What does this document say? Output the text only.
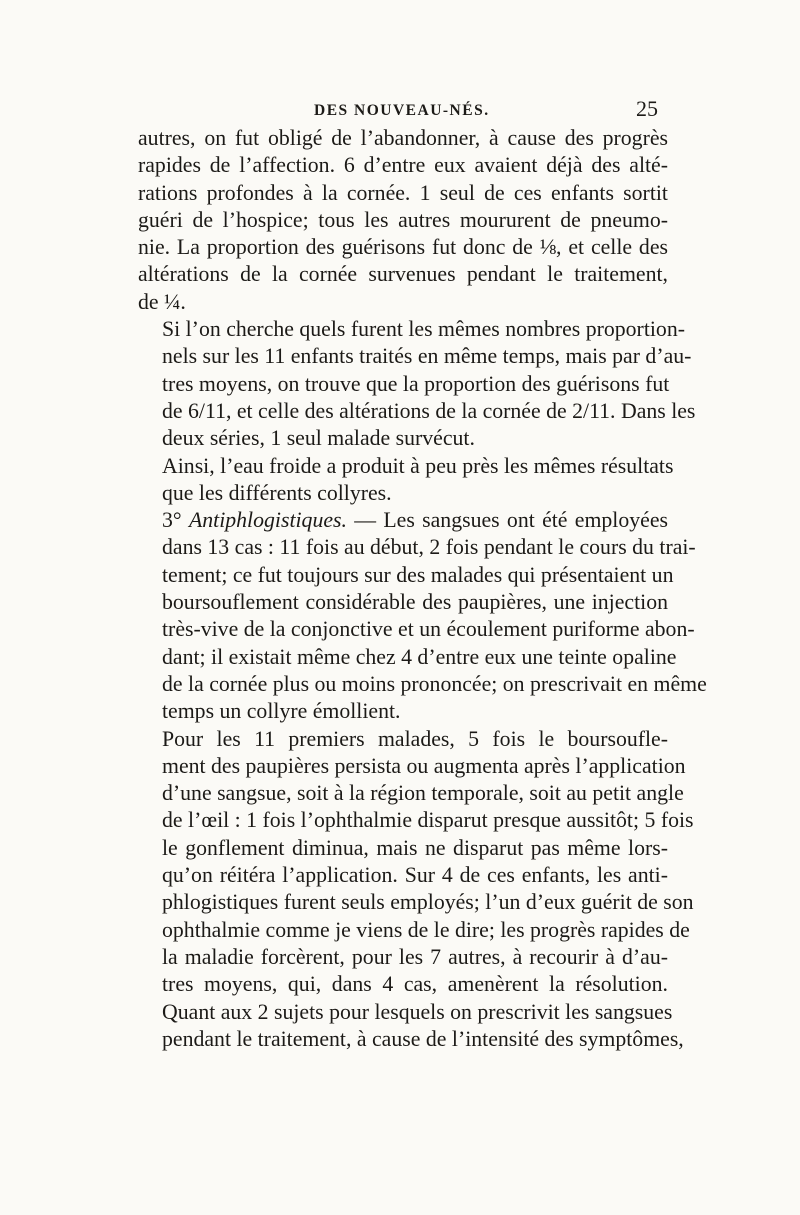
DES NOUVEAU-NÉS.	25

autres, on fut obligé de l’abandonner, à cause des progrès
rapides de l’affection. 6 d’entre eux avaient déjà des alté-
rations profondes à la cornée. 1 seul de ces enfants sortit
guéri de l’hospice; tous les autres moururent de pneumo-
nie. La proportion des guérisons fut donc de ⅛, et celle des
altérations de la cornée survenues pendant le traitement,
de ¼.

Si l’on cherche quels furent les mêmes nombres proportion-
nels sur les 11 enfants traités en même temps, mais par d’au-
tres moyens, on trouve que la proportion des guérisons fut
de 6/11, et celle des altérations de la cornée de 2/11. Dans les
deux séries, 1 seul malade survécut.

Ainsi, l’eau froide a produit à peu près les mêmes résultats
que les différents collyres.

3° Antiphlogistiques. — Les sangsues ont été employées
dans 13 cas : 11 fois au début, 2 fois pendant le cours du trai-
tement; ce fut toujours sur des malades qui présentaient un
boursouflement considérable des paupières, une injection
très-vive de la conjonctive et un écoulement puriforme abon-
dant; il existait même chez 4 d’entre eux une teinte opaline
de la cornée plus ou moins prononcée; on prescrivait en même
temps un collyre émollient.

Pour les 11 premiers malades, 5 fois le boursoufle-
ment des paupières persista ou augmenta après l’application
d’une sangsue, soit à la région temporale, soit au petit angle
de l’œil : 1 fois l’ophthalmie disparut presque aussitôt; 5 fois
le gonflement diminua, mais ne disparut pas même lors-
qu’on réitéra l’application. Sur 4 de ces enfants, les anti-
phlogistiques furent seuls employés; l’un d’eux guérit de son
ophthalmie comme je viens de le dire; les progrès rapides de
la maladie forcèrent, pour les 7 autres, à recourir à d’au-
tres moyens, qui, dans 4 cas, amenèrent la résolution.
Quant aux 2 sujets pour lesquels on prescrivit les sangsues
pendant le traitement, à cause de l’intensité des symptômes,
